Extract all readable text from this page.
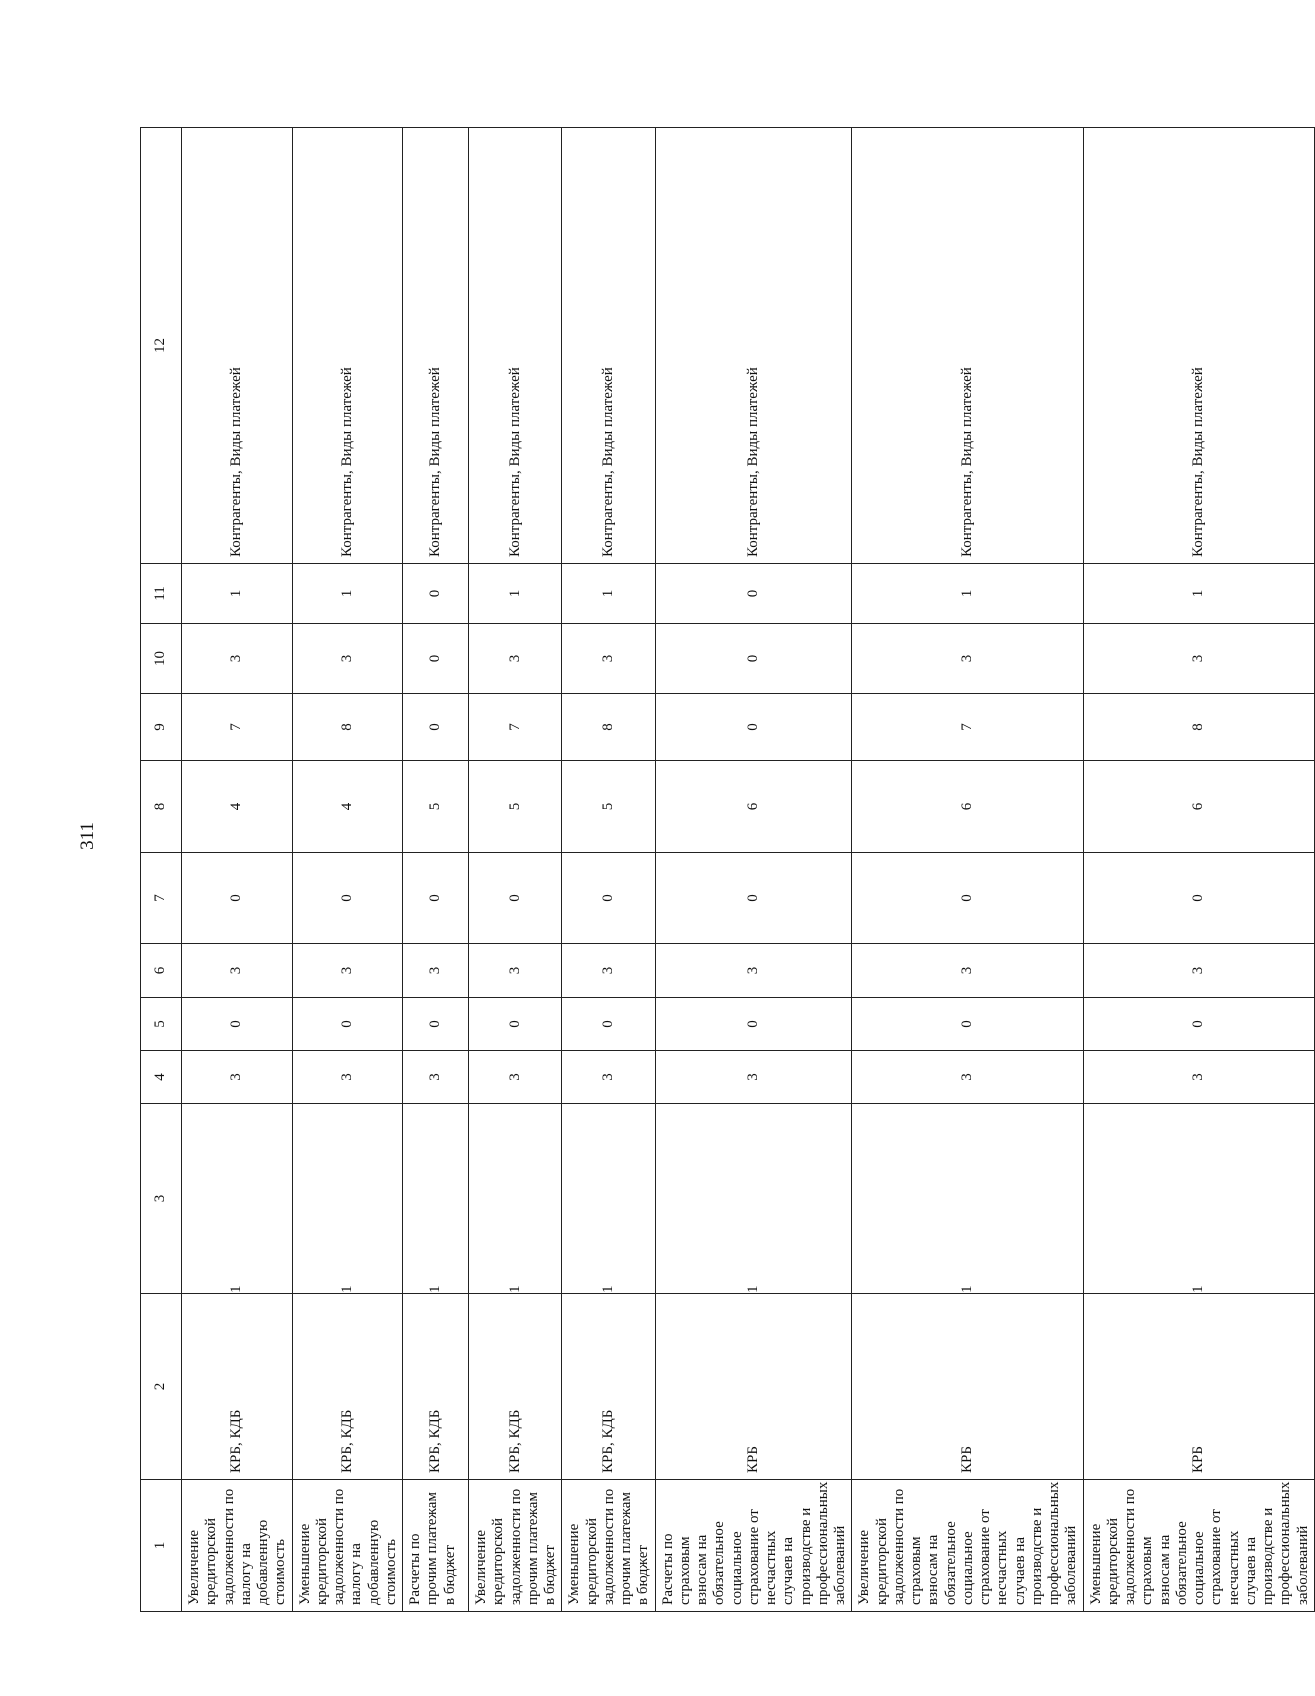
311
1	2	3	4	5	6	7	8	9	10	11	12
Увеличение кредиторской задолженности по налогу на добавленную стоимость	КРБ, КДБ	1	3	0	3	0	4	7	3	1	Контрагенты, Виды платежей
Уменьшение кредиторской задолженности по налогу на добавленную стоимость	КРБ, КДБ	1	3	0	3	0	4	8	3	1	Контрагенты, Виды платежей
Расчеты по прочим платежам в бюджет	КРБ, КДБ	1	3	0	3	0	5	0	0	0	Контрагенты, Виды платежей
Увеличение кредиторской задолженности по прочим платежам в бюджет	КРБ, КДБ	1	3	0	3	0	5	7	3	1	Контрагенты, Виды платежей
Уменьшение кредиторской задолженности по прочим платежам в бюджет	КРБ, КДБ	1	3	0	3	0	5	8	3	1	Контрагенты, Виды платежей
Расчеты по страховым взносам на обязательное социальное страхование от несчастных случаев на производстве и профессиональных заболеваний	КРБ	1	3	0	3	0	6	0	0	0	Контрагенты, Виды платежей
Увеличение кредиторской задолженности по страховым взносам на обязательное социальное страхование от несчастных случаев на производстве и профессиональных заболеваний	КРБ	1	3	0	3	0	6	7	3	1	Контрагенты, Виды платежей
Уменьшение кредиторской задолженности по страховым взносам на обязательное социальное страхование от несчастных случаев на производстве и профессиональных заболеваний	КРБ	1	3	0	3	0	6	8	3	1	Контрагенты, Виды платежей
